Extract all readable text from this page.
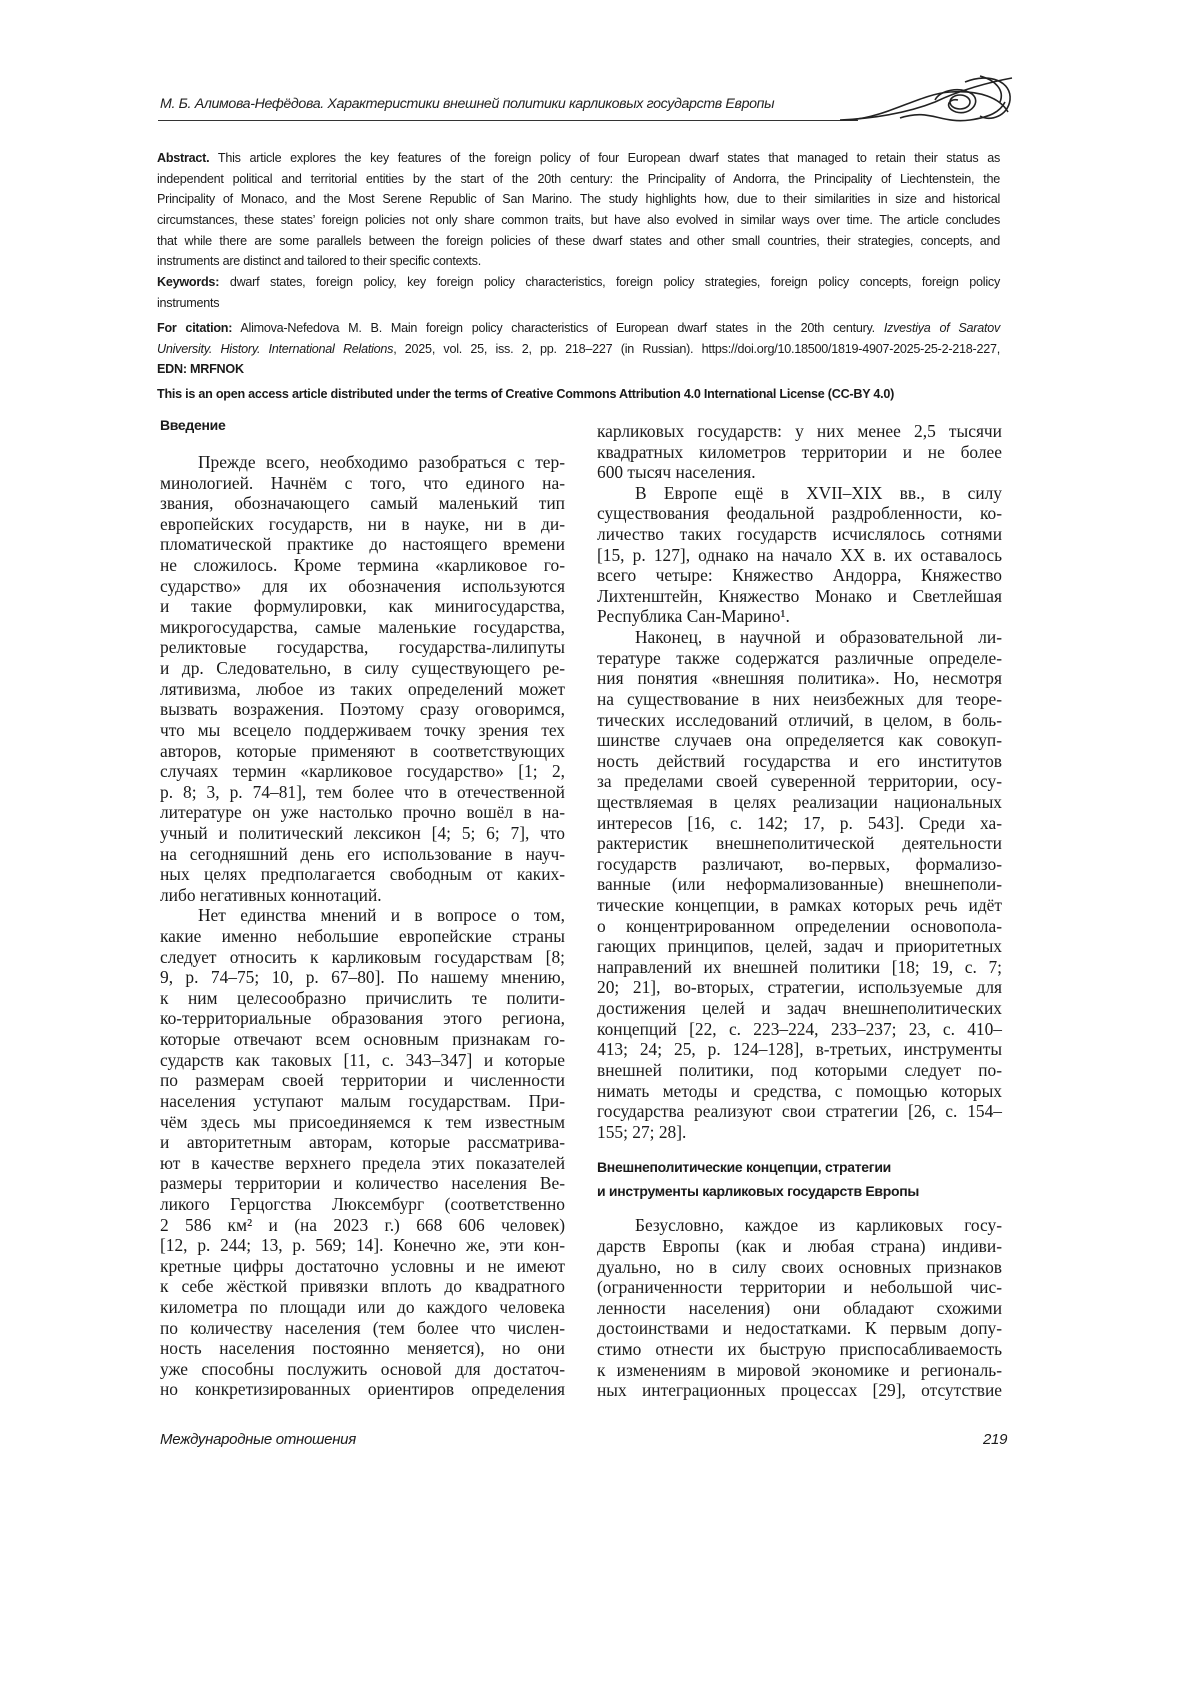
М. Б. Алимова-Нефёдова. Характеристики внешней политики карликовых государств Европы
Abstract. This article explores the key features of the foreign policy of four European dwarf states that managed to retain their status as
independent political and territorial entities by the start of the 20th century: the Principality of Andorra, the Principality of Liechtenstein, the
Principality of Monaco, and the Most Serene Republic of San Marino. The study highlights how, due to their similarities in size and historical
circumstances, these states’ foreign policies not only share common traits, but have also evolved in similar ways over time. The article concludes
that while there are some parallels between the foreign policies of these dwarf states and other small countries, their strategies, concepts, and
instruments are distinct and tailored to their specific contexts.
Keywords: dwarf states, foreign policy, key foreign policy characteristics, foreign policy strategies, foreign policy concepts, foreign policy
instruments
For citation: Alimova-Nefedova M. B. Main foreign policy characteristics of European dwarf states in the 20th century. Izvestiya of Saratov
University. History. International Relations, 2025, vol. 25, iss. 2, pp. 218–227 (in Russian). https://doi.org/10.18500/1819-4907-2025-25-2-218-227,
EDN: MRFNOK
This is an open access article distributed under the terms of Creative Commons Attribution 4.0 International License (CC-BY 4.0)
Введение
Прежде всего, необходимо разобраться с тер-
минологией. Начнём с того, что единого на-
звания, обозначающего самый маленький тип
европейских государств, ни в науке, ни в ди-
пломатической практике до настоящего времени
не сложилось. Кроме термина «карликовое го-
сударство» для их обозначения используются
и такие формулировки, как минигосударства,
микрогосударства, самые маленькие государства,
реликтовые государства, государства-лилипуты
и др. Следовательно, в силу существующего ре-
лятивизма, любое из таких определений может
вызвать возражения. Поэтому сразу оговоримся,
что мы всецело поддерживаем точку зрения тех
авторов, которые применяют в соответствующих
случаях термин «карликовое государство» [1; 2,
p. 8; 3, p. 74–81], тем более что в отечественной
литературе он уже настолько прочно вошёл в на-
учный и политический лексикон [4; 5; 6; 7], что
на сегодняшний день его использование в науч-
ных целях предполагается свободным от каких-
либо негативных коннотаций.
Нет единства мнений и в вопросе о том,
какие именно небольшие европейские страны
следует относить к карликовым государствам [8;
9, p. 74–75; 10, p. 67–80]. По нашему мнению,
к ним целесообразно причислить те полити-
ко-территориальные образования этого региона,
которые отвечают всем основным признакам го-
сударств как таковых [11, с. 343–347] и которые
по размерам своей территории и численности
населения уступают малым государствам. При-
чём здесь мы присоединяемся к тем известным
и авторитетным авторам, которые рассматрива-
ют в качестве верхнего предела этих показателей
размеры территории и количество населения Ве-
ликого Герцогства Люксембург (соответственно
2 586 км² и (на 2023 г.) 668 606 человек)
[12, p. 244; 13, p. 569; 14]. Конечно же, эти кон-
кретные цифры достаточно условны и не имеют
к себе жёсткой привязки вплоть до квадратного
километра по площади или до каждого человека
по количеству населения (тем более что числен-
ность населения постоянно меняется), но они
уже способны послужить основой для достаточ-
но конкретизированных ориентиров определения
карликовых государств: у них менее 2,5 тысячи
квадратных километров территории и не более
600 тысяч населения.
В Европе ещё в XVII–XIX вв., в силу
существования феодальной раздробленности, ко-
личество таких государств исчислялось сотнями
[15, p. 127], однако на начало XX в. их оставалось
всего четыре: Княжество Андорра, Княжество
Лихтенштейн, Княжество Монако и Светлейшая
Республика Сан-Марино¹.
Наконец, в научной и образовательной ли-
тературе также содержатся различные определе-
ния понятия «внешняя политика». Но, несмотря
на существование в них неизбежных для теоре-
тических исследований отличий, в целом, в боль-
шинстве случаев она определяется как совокуп-
ность действий государства и его институтов
за пределами своей суверенной территории, осу-
ществляемая в целях реализации национальных
интересов [16, с. 142; 17, p. 543]. Среди ха-
рактеристик внешнеполитической деятельности
государств различают, во-первых, формализо-
ванные (или неформализованные) внешнеполи-
тические концепции, в рамках которых речь идёт
о концентрированном определении основопола-
гающих принципов, целей, задач и приоритетных
направлений их внешней политики [18; 19, с. 7;
20; 21], во-вторых, стратегии, используемые для
достижения целей и задач внешнеполитических
концепций [22, с. 223–224, 233–237; 23, с. 410–
413; 24; 25, p. 124–128], в-третьих, инструменты
внешней политики, под которыми следует по-
нимать методы и средства, с помощью которых
государства реализуют свои стратегии [26, с. 154–
155; 27; 28].
Внешнеполитические концепции, стратегии
и инструменты карликовых государств Европы
Безусловно, каждое из карликовых госу-
дарств Европы (как и любая страна) индиви-
дуально, но в силу своих основных признаков
(ограниченности территории и небольшой чис-
ленности населения) они обладают схожими
достоинствами и недостатками. К первым допу-
стимо отнести их быструю приспосабливаемость
к изменениям в мировой экономике и региональ-
ных интеграционных процессах [29], отсутствие
Международные отношения	219
